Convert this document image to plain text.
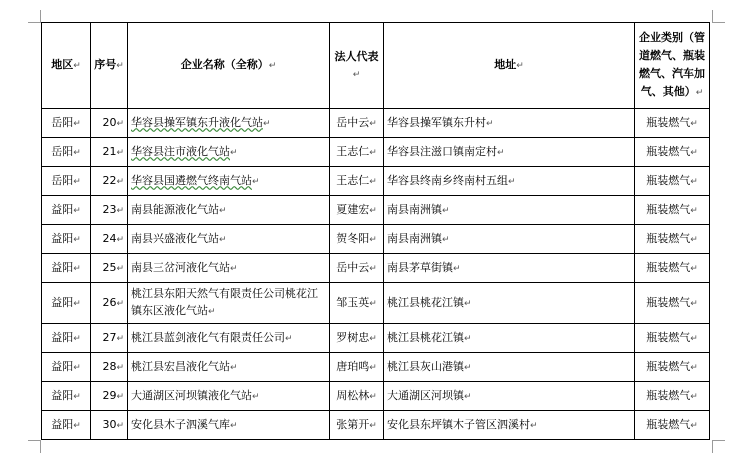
地区↵	序号↵	企业名称（全称）↵	法人代表↵	地址↵	企业类别（管道燃气、瓶装燃气、汽车加气、其他）↵
岳阳↵	20↵	华容县操军镇东升液化气站↵	岳中云↵	华容县操军镇东升村↵	瓶装燃气↵
岳阳↵	21↵	华容县注市液化气站↵	王志仁↵	华容县注滋口镇南定村↵	瓶装燃气↵
岳阳↵	22↵	华容县国遴燃气终南气站↵	王志仁↵	华容县终南乡终南村五组↵	瓶装燃气↵
益阳↵	23↵	南县能源液化气站↵	夏建宏↵	南县南洲镇↵	瓶装燃气↵
益阳↵	24↵	南县兴盛液化气站↵	贺冬阳↵	南县南洲镇↵	瓶装燃气↵
益阳↵	25↵	南县三岔河液化气站↵	岳中云↵	南县茅草街镇↵	瓶装燃气↵
益阳↵	26↵	桃江县东阳天然气有限责任公司桃花江镇东区液化气站↵	邹玉英↵	桃江县桃花江镇↵	瓶装燃气↵
益阳↵	27↵	桃江县蓝剑液化气有限责任公司↵	罗树忠↵	桃江县桃花江镇↵	瓶装燃气↵
益阳↵	28↵	桃江县宏昌液化气站↵	唐珀鸣↵	桃江县灰山港镇↵	瓶装燃气↵
益阳↵	29↵	大通湖区河坝镇液化气站↵	周松林↵	大通湖区河坝镇↵	瓶装燃气↵
益阳↵	30↵	安化县木子泗溪气库↵	张第开↵	安化县东坪镇木子管区泗溪村↵	瓶装燃气↵
